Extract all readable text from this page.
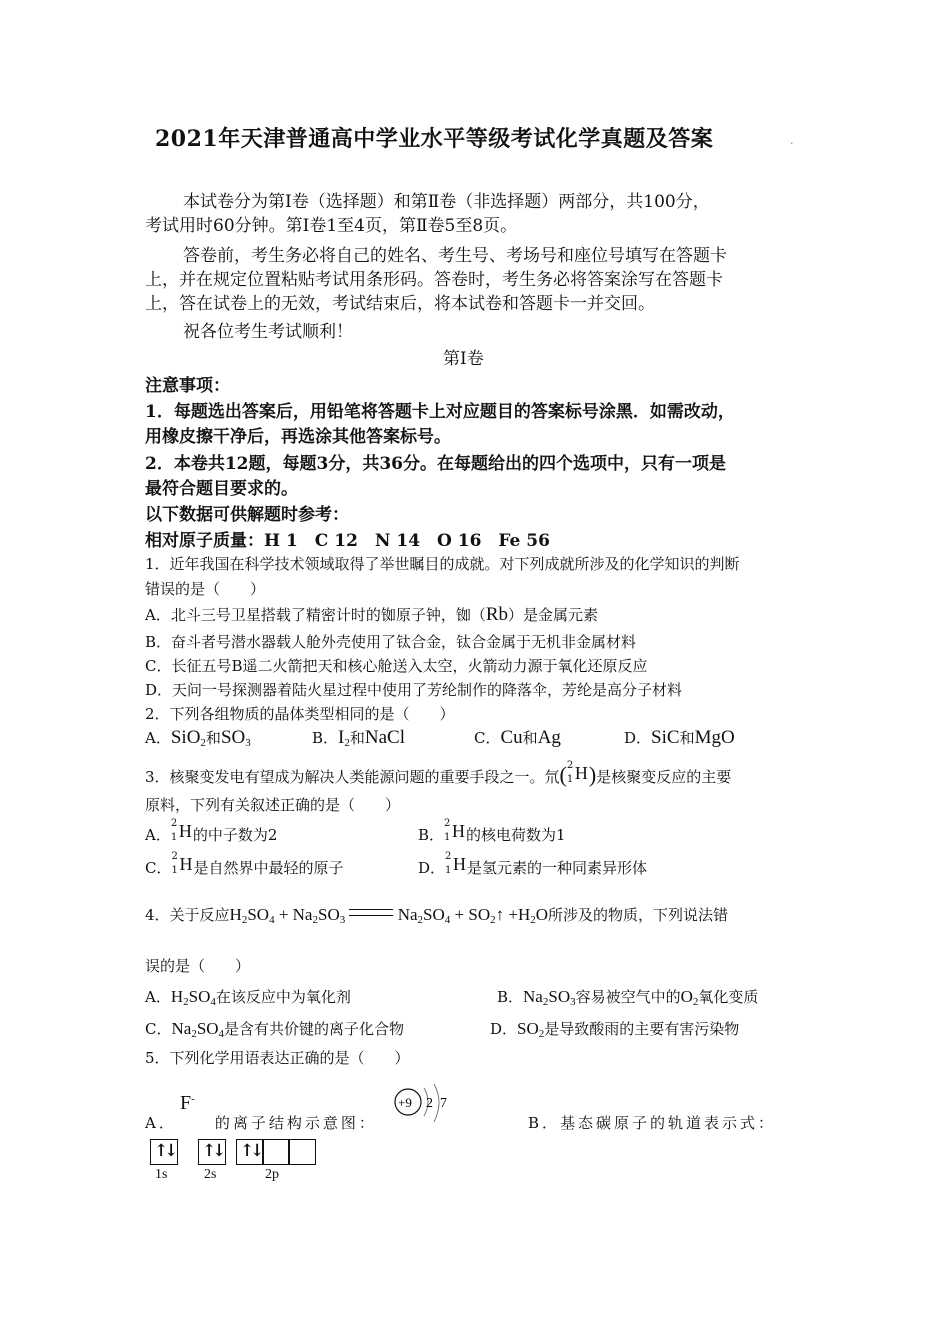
2021年天津普通高中学业水平等级考试化学真题及答案	.
本试卷分为第Ⅰ卷（选择题）和第Ⅱ卷（非选择题）两部分，共100分，
考试用时60分钟。第Ⅰ卷1至4页，第Ⅱ卷5至8页。
答卷前，考生务必将自己的姓名、考生号、考场号和座位号填写在答题卡
上，并在规定位置粘贴考试用条形码。答卷时，考生务必将答案涂写在答题卡
上，答在试卷上的无效，考试结束后，将本试卷和答题卡一并交回。
祝各位考生考试顺利！
第Ⅰ卷
注意事项：
1．每题选出答案后，用铅笔将答题卡上对应题目的答案标号涂黑．如需改动，
用橡皮擦干净后，再选涂其他答案标号。
2．本卷共12题，每题3分，共36分。在每题给出的四个选项中，只有一项是
最符合题目要求的。
以下数据可供解题时参考：
相对原子质量：H 1　C 12　N 14　O 16　Fe 56
1．近年我国在科学技术领域取得了举世瞩目的成就。对下列成就所涉及的化学知识的判断
错误的是（　　）
A．北斗三号卫星搭载了精密计时的铷原子钟，铷（Rb）是金属元素
B．奋斗者号潜水器载人舱外壳使用了钛合金，钛合金属于无机非金属材料
C．长征五号B遥二火箭把天和核心舱送入太空，火箭动力源于氧化还原反应
D．天问一号探测器着陆火星过程中使用了芳纶制作的降落伞，芳纶是高分子材料
2．下列各组物质的晶体类型相同的是（　　）
A．SiO$_2$和$SO_3$	B．$I_2$和NaCl	C．Cu和Ag	D．SiC和MgO
3．核聚变发电有望成为解决人类能源问题的重要手段之一。氘( 2
1 H )是核聚变反应的主要
原料，下列有关叙述正确的是（　　）
A．
2
1 H 的中子数为2	B．
2
1 H 的核电荷数为1
C．
2
1 H 是自然界中最轻的原子	D．
2
1 H 是氢元素的一种同素异形体
4．关于反应$H_2SO_4 + Na_2SO_3$	$Na_2SO_4$ + $SO_2↑ +H_2O$所涉及的物质，下列说法错
误的是（　　）
A．$H_2SO_4$在该反应中为氧化剂	B．$Na_2SO_3$容易被空气中的$O_2$氧化变质
C．$Na_2SO_4$是含有共价键的离子化合物	D．$SO_2$是导致酸雨的主要有害污染物
5．下列化学用语表达正确的是（　　）
F-
A．	的离子结构示意图：
+9 2 7
B．基态碳原子的轨道表示式：
↑
↓ ↑
↓ ↑
↓
1s	2s	2p
